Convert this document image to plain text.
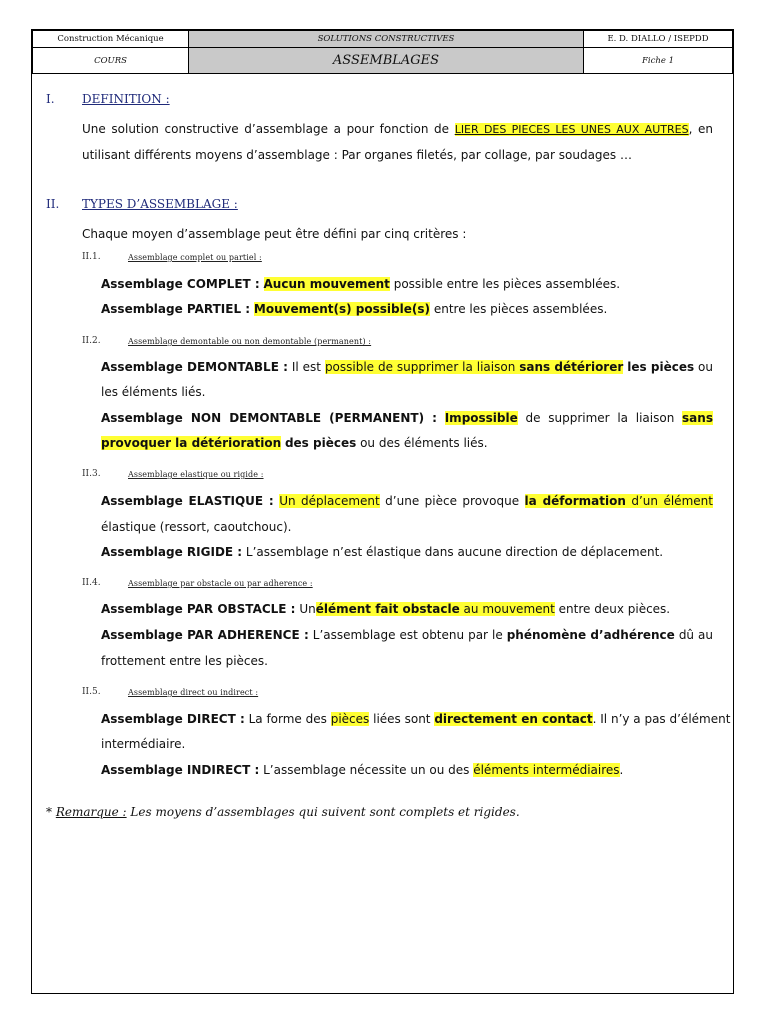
Construction Mécanique	SOLUTIONS CONSTRUCTIVES	E. D. DIALLO / ISEPDD
COURS	ASSEMBLAGES	Fiche 1
I. DEFINITION :
Une solution constructive d’assemblage a pour fonction de LIER DES PIECES LES UNES AUX AUTRES, en
utilisant différents moyens d’assemblage : Par organes filetés, par collage, par soudages …
II. TYPES D’ASSEMBLAGE :
Chaque moyen d’assemblage peut être défini par cinq critères :
II.1.	Assemblage complet ou partiel :
Assemblage COMPLET : Aucun mouvement possible entre les pièces assemblées.
Assemblage PARTIEL : Mouvement(s) possible(s) entre les pièces assemblées.
II.2.	Assemblage demontable ou non demontable (permanent) :
Assemblage DEMONTABLE : Il est possible de supprimer la liaison sans détériorer les pièces ou
les éléments liés.
Assemblage NON DEMONTABLE (PERMANENT) : Impossible de supprimer la liaison sans
provoquer la détérioration des pièces ou des éléments liés.
II.3.	Assemblage elastique ou rigide :
Assemblage ELASTIQUE : Un déplacement d’une pièce provoque la déformation d’un élément
élastique (ressort, caoutchouc).
Assemblage RIGIDE : L’assemblage n’est élastique dans aucune direction de déplacement.
II.4.	Assemblage par obstacle ou par adherence :
Assemblage PAR OBSTACLE : Unélément fait obstacle au mouvement entre deux pièces.
Assemblage PAR ADHERENCE : L’assemblage est obtenu par le phénomène d’adhérence dû au
frottement entre les pièces.
II.5.	Assemblage direct ou indirect :
Assemblage DIRECT : La forme des pièces liées sont directement en contact. Il n’y a pas d’élément
intermédiaire.
Assemblage INDIRECT : L’assemblage nécessite un ou des éléments intermédiaires.
* Remarque : Les moyens d’assemblages qui suivent sont complets et rigides.
